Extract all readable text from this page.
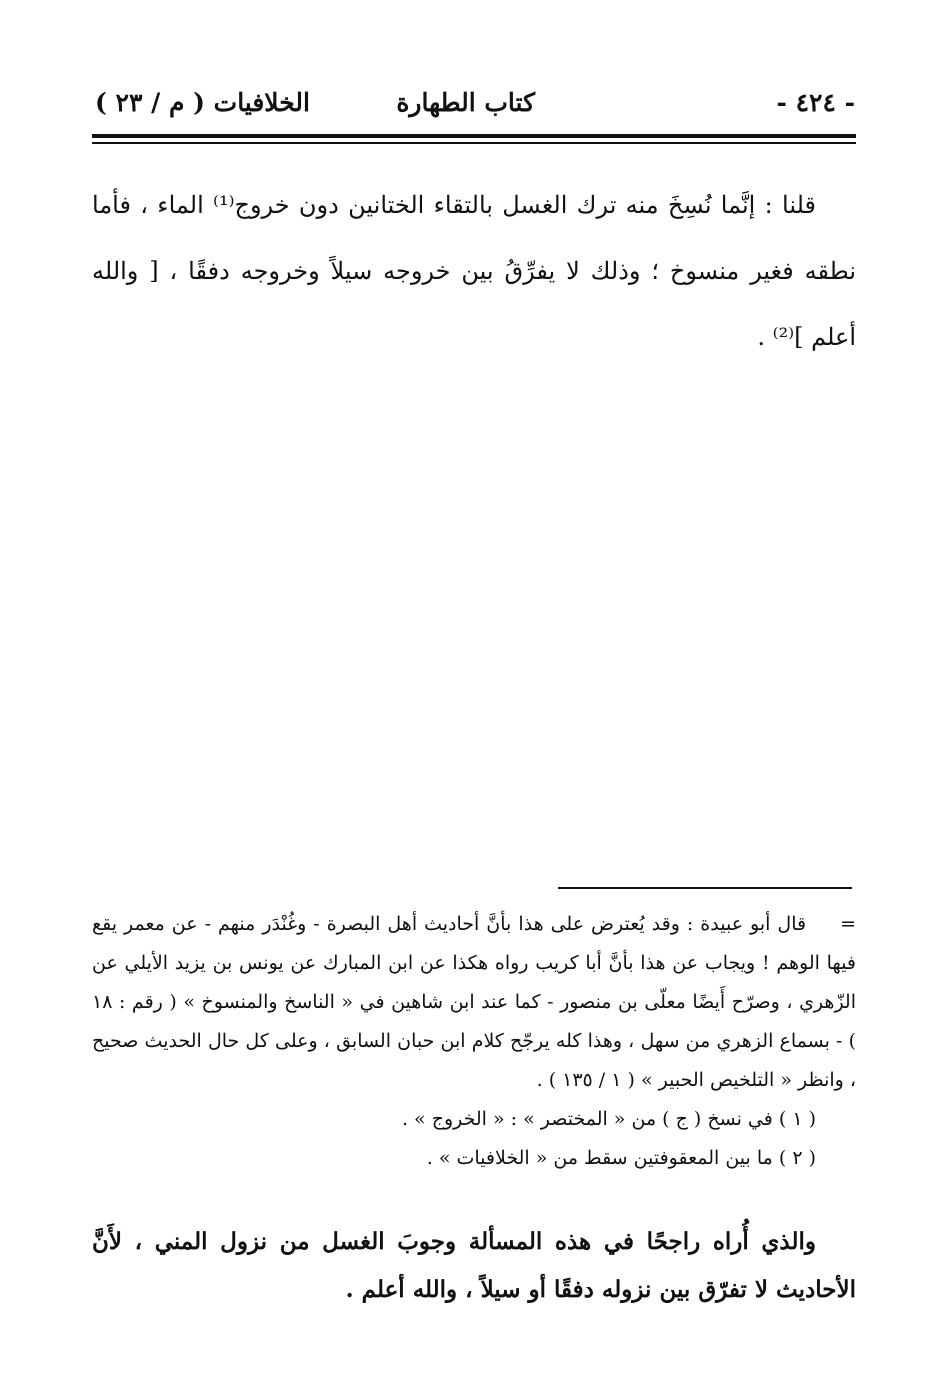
- ٤٢٤ -
كتاب الطهارة
الخلافيات ( م / ٢٣ )

قلنا : إنَّما نُسِخَ منه ترك الغسل بالتقاء الختانين دون خروج⁽¹⁾ الماء ، فأما نطقه فغير منسوخ ؛ وذلك لا يفرِّقُ بين خروجه سيلاً وخروجه دفقًا ، [ والله أعلم ]⁽²⁾ .

=قال أبو عبيدة : وقد يُعترض على هذا بأنَّ أحاديث أهل البصرة - وغُنْدَر منهم - عن معمر يقع فيها الوهم ! ويجاب عن هذا بأنَّ أبا كريب رواه هكذا عن ابن المبارك عن يونس بن يزيد الأيلي عن الزّهري ، وصرّح أَيضًا معلّى بن منصور - كما عند ابن شاهين في « الناسخ والمنسوخ » ( رقم : ١٨ ) - بسماع الزهري من سهل ، وهذا كله يرجّح كلام ابن حبان السابق ، وعلى كل حال الحديث صحيح ، وانظر « التلخيص الحبير » ( ١ / ١٣٥ ) .

( ١ ) في نسخ ( ج ) من « المختصر » : « الخروج » .

( ٢ ) ما بين المعقوفتين سقط من « الخلافيات » .

والذي أُراه راجحًا في هذه المسألة وجوبَ الغسل من نزول المني ، لأَنَّ الأحاديث لا تفرّق بين نزوله دفقًا أو سيلاً ، والله أعلم .
